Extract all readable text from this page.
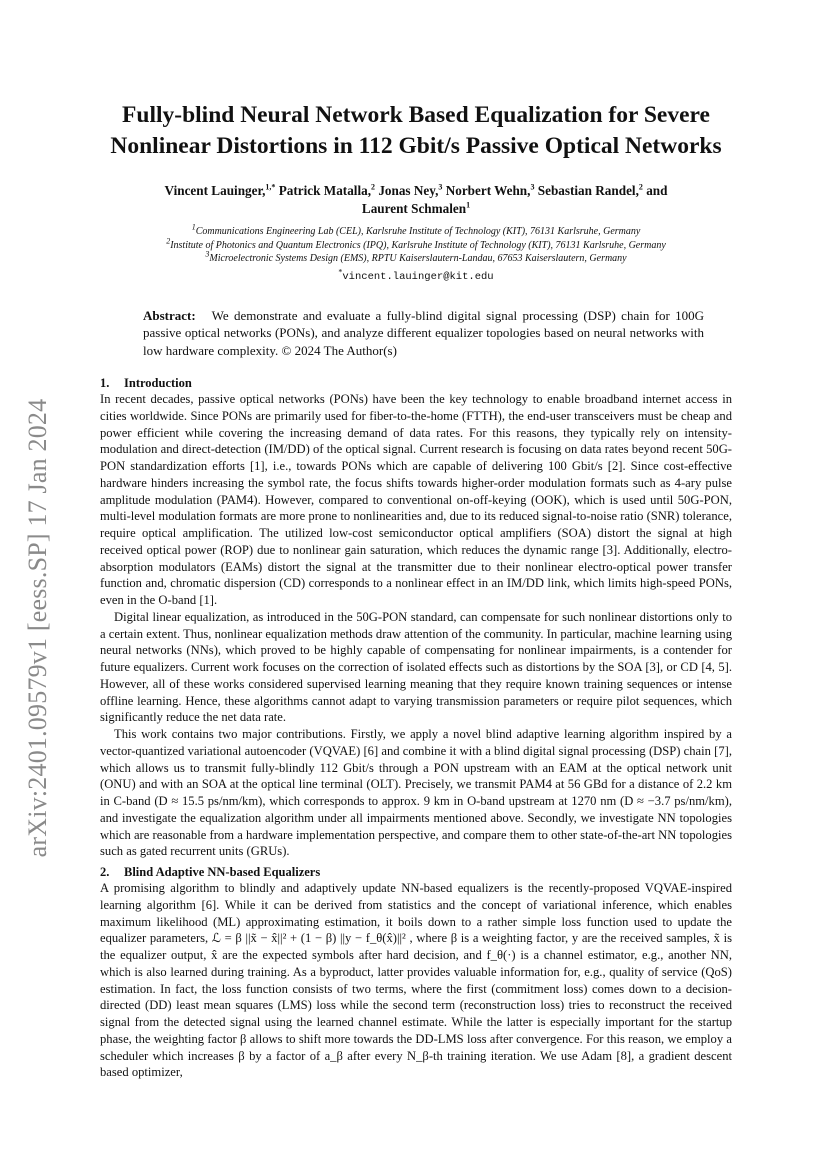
arXiv:2401.09579v1 [eess.SP] 17 Jan 2024
Fully-blind Neural Network Based Equalization for Severe
Nonlinear Distortions in 112 Gbit/s Passive Optical Networks
Vincent Lauinger,$^{1,*}$ Patrick Matalla,$^2$ Jonas Ney,$^3$ Norbert Wehn,$^3$ Sebastian Randel,$^2$ and
Laurent Schmalen$^1$
$^1$Communications Engineering Lab (CEL), Karlsruhe Institute of Technology (KIT), 76131 Karlsruhe, Germany
$^2$Institute of Photonics and Quantum Electronics (IPQ), Karlsruhe Institute of Technology (KIT), 76131 Karlsruhe, Germany
$^3$Microelectronic Systems Design (EMS), RPTU Kaiserslautern-Landau, 67653 Kaiserslautern, Germany
*vincent.lauinger@kit.edu
Abstract: We demonstrate and evaluate a fully-blind digital signal processing (DSP) chain for 100G passive optical networks (PONs), and analyze different equalizer topologies based on neural networks with low hardware complexity. © 2024 The Author(s)
1. Introduction

In recent decades, passive optical networks (PONs) have been the key technology to enable broadband internet access in cities worldwide. Since PONs are primarily used for fiber-to-the-home (FTTH), the end-user transceivers must be cheap and power efficient while covering the increasing demand of data rates. For this reasons, they typically rely on intensity-modulation and direct-detection (IM/DD) of the optical signal. Current research is focusing on data rates beyond recent 50G-PON standardization efforts [1], i.e., towards PONs which are capable of delivering 100 Gbit/s [2]. Since cost-effective hardware hinders increasing the symbol rate, the focus shifts towards higher-order modulation formats such as 4-ary pulse amplitude modulation (PAM4). However, compared to conventional on-off-keying (OOK), which is used until 50G-PON, multi-level modulation formats are more prone to nonlinearities and, due to its reduced signal-to-noise ratio (SNR) tolerance, require optical amplification. The utilized low-cost semiconductor optical amplifiers (SOA) distort the signal at high received optical power (ROP) due to nonlinear gain saturation, which reduces the dynamic range [3]. Additionally, electro-absorption modulators (EAMs) distort the signal at the transmitter due to their nonlinear electro-optical power transfer function and, chromatic dispersion (CD) corresponds to a nonlinear effect in an IM/DD link, which limits high-speed PONs, even in the O-band [1].

Digital linear equalization, as introduced in the 50G-PON standard, can compensate for such nonlinear distortions only to a certain extent. Thus, nonlinear equalization methods draw attention of the community. In particular, machine learning using neural networks (NNs), which proved to be highly capable of compensating for nonlinear impairments, is a contender for future equalizers. Current work focuses on the correction of isolated effects such as distortions by the SOA [3], or CD [4, 5]. However, all of these works considered supervised learning meaning that they require known training sequences or intense offline learning. Hence, these algorithms cannot adapt to varying transmission parameters or require pilot sequences, which significantly reduce the net data rate.

This work contains two major contributions. Firstly, we apply a novel blind adaptive learning algorithm inspired by a vector-quantized variational autoencoder (VQVAE) [6] and combine it with a blind digital signal processing (DSP) chain [7], which allows us to transmit fully-blindly 112 Gbit/s through a PON upstream with an EAM at the optical network unit (ONU) and with an SOA at the optical line terminal (OLT). Precisely, we transmit PAM4 at 56 GBd for a distance of 2.2 km in C-band (D ≈ 15.5 ps/nm/km), which corresponds to approx. 9 km in O-band upstream at 1270 nm (D ≈ −3.7 ps/nm/km), and investigate the equalization algorithm under all impairments mentioned above. Secondly, we investigate NN topologies which are reasonable from a hardware implementation perspective, and compare them to other state-of-the-art NN topologies such as gated recurrent units (GRUs).

2. Blind Adaptive NN-based Equalizers

A promising algorithm to blindly and adaptively update NN-based equalizers is the recently-proposed VQVAE-inspired learning algorithm [6]. While it can be derived from statistics and the concept of variational inference, which enables maximum likelihood (ML) approximating estimation, it boils down to a rather simple loss function used to update the equalizer parameters, ℒ = β ||x̃ − x̂||² + (1 − β) ||y − f_θ(x̂)||² , where β is a weighting factor, y are the received samples, x̃ is the equalizer output, x̂ are the expected symbols after hard decision, and f_θ(·) is a channel estimator, e.g., another NN, which is also learned during training. As a byproduct, latter provides valuable information for, e.g., quality of service (QoS) estimation. In fact, the loss function consists of two terms, where the first (commitment loss) comes down to a decision-directed (DD) least mean squares (LMS) loss while the second term (reconstruction loss) tries to reconstruct the received signal from the detected signal using the learned channel estimate. While the latter is especially important for the startup phase, the weighting factor β allows to shift more towards the DD-LMS loss after convergence. For this reason, we employ a scheduler which increases β by a factor of a_β after every N_β-th training iteration. We use Adam [8], a gradient descent based optimizer,
